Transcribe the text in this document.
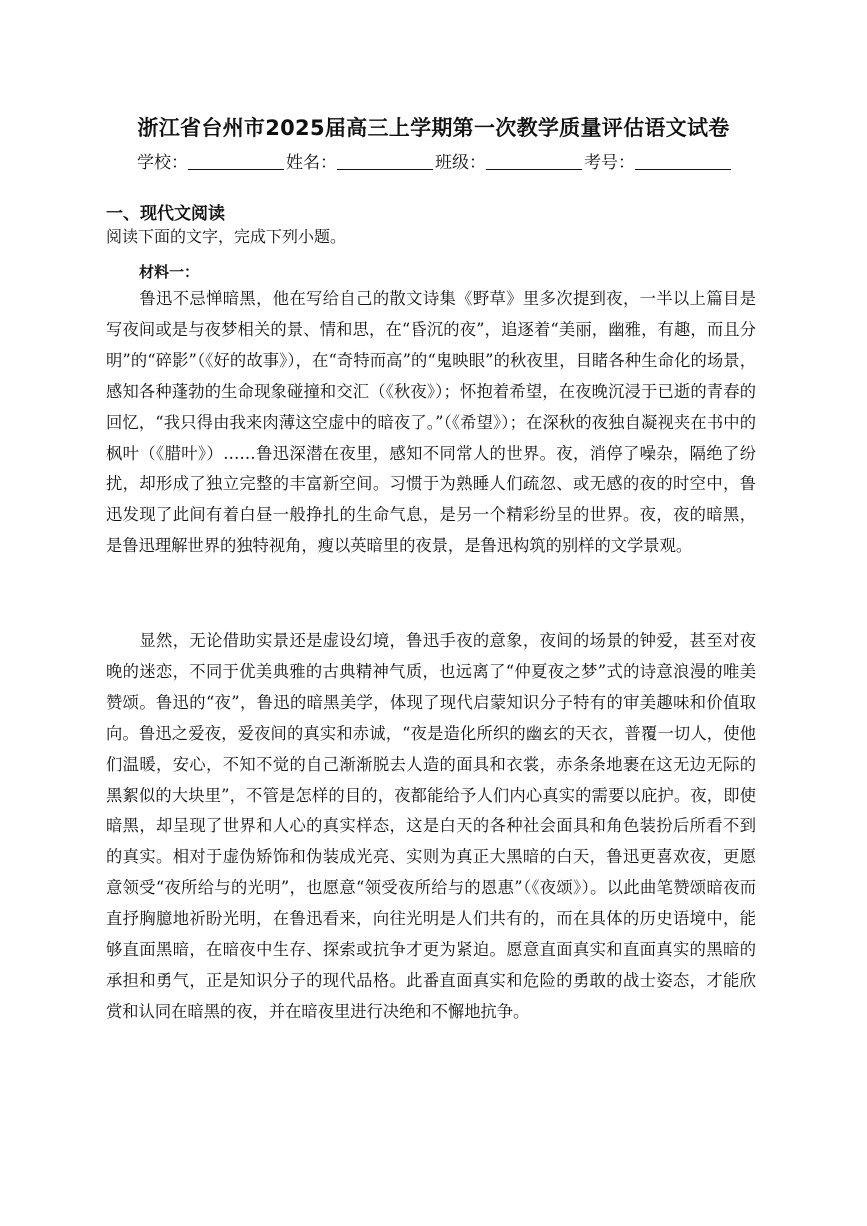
浙江省台州市2025届高三上学期第一次教学质量评估语文试卷
学校：	姓名：	班级：	考号：
一、现代文阅读
阅读下面的文字，完成下列小题。
材料一：
　　鲁迅不忌惮暗黑，他在写给自己的散文诗集《野草》里多次提到夜，一半以上篇目是写夜间或是与夜梦相关的景、情和思，在“昏沉的夜”，追逐着“美丽，幽雅，有趣，而且分明”的“碎影”（《好的故事》），在“奇特而高”的“鬼映眼”的秋夜里，目睹各种生命化的场景，感知各种蓬勃的生命现象碰撞和交汇（《秋夜》）；怀抱着希望，在夜晚沉浸于已逝的青春的回忆，“我只得由我来肉薄这空虚中的暗夜了。”（《希望》）；在深秋的夜独自凝视夹在书中的枫叶（《腊叶》）……鲁迅深潜在夜里，感知不同常人的世界。夜，消停了噪杂，隔绝了纷扰，却形成了独立完整的丰富新空间。习惯于为熟睡人们疏忽、或无感的夜的时空中，鲁迅发现了此间有着白昼一般挣扎的生命气息，是另一个精彩纷呈的世界。夜，夜的暗黑，是鲁迅理解世界的独特视角，瘦以英暗里的夜景，是鲁迅构筑的别样的文学景观。
　　显然，无论借助实景还是虚设幻境，鲁迅手夜的意象，夜间的场景的钟爱，甚至对夜晚的迷恋，不同于优美典雅的古典精神气质，也远离了“仲夏夜之梦”式的诗意浪漫的唯美赞颂。鲁迅的“夜”，鲁迅的暗黑美学，体现了现代启蒙知识分子特有的审美趣味和价值取向。鲁迅之爱夜，爱夜间的真实和赤诚，“夜是造化所织的幽玄的天衣，普覆一切人，使他们温暖，安心，不知不觉的自己渐渐脱去人造的面具和衣裳，赤条条地裹在这无边无际的黑絮似的大块里”，不管是怎样的目的，夜都能给予人们内心真实的需要以庇护。夜，即使暗黑，却呈现了世界和人心的真实样态，这是白天的各种社会面具和角色装扮后所看不到的真实。相对于虚伪矫饰和伪装成光亮、实则为真正大黑暗的白天，鲁迅更喜欢夜，更愿意领受“夜所给与的光明”，也愿意“领受夜所给与的恩惠”（《夜颂》）。以此曲笔赞颂暗夜而直抒胸臆地祈盼光明，在鲁迅看来，向往光明是人们共有的，而在具体的历史语境中，能够直面黑暗，在暗夜中生存、探索或抗争才更为紧迫。愿意直面真实和直面真实的黑暗的承担和勇气，正是知识分子的现代品格。此番直面真实和危险的勇敢的战士姿态，才能欣赏和认同在暗黑的夜，并在暗夜里进行决绝和不懈地抗争。
